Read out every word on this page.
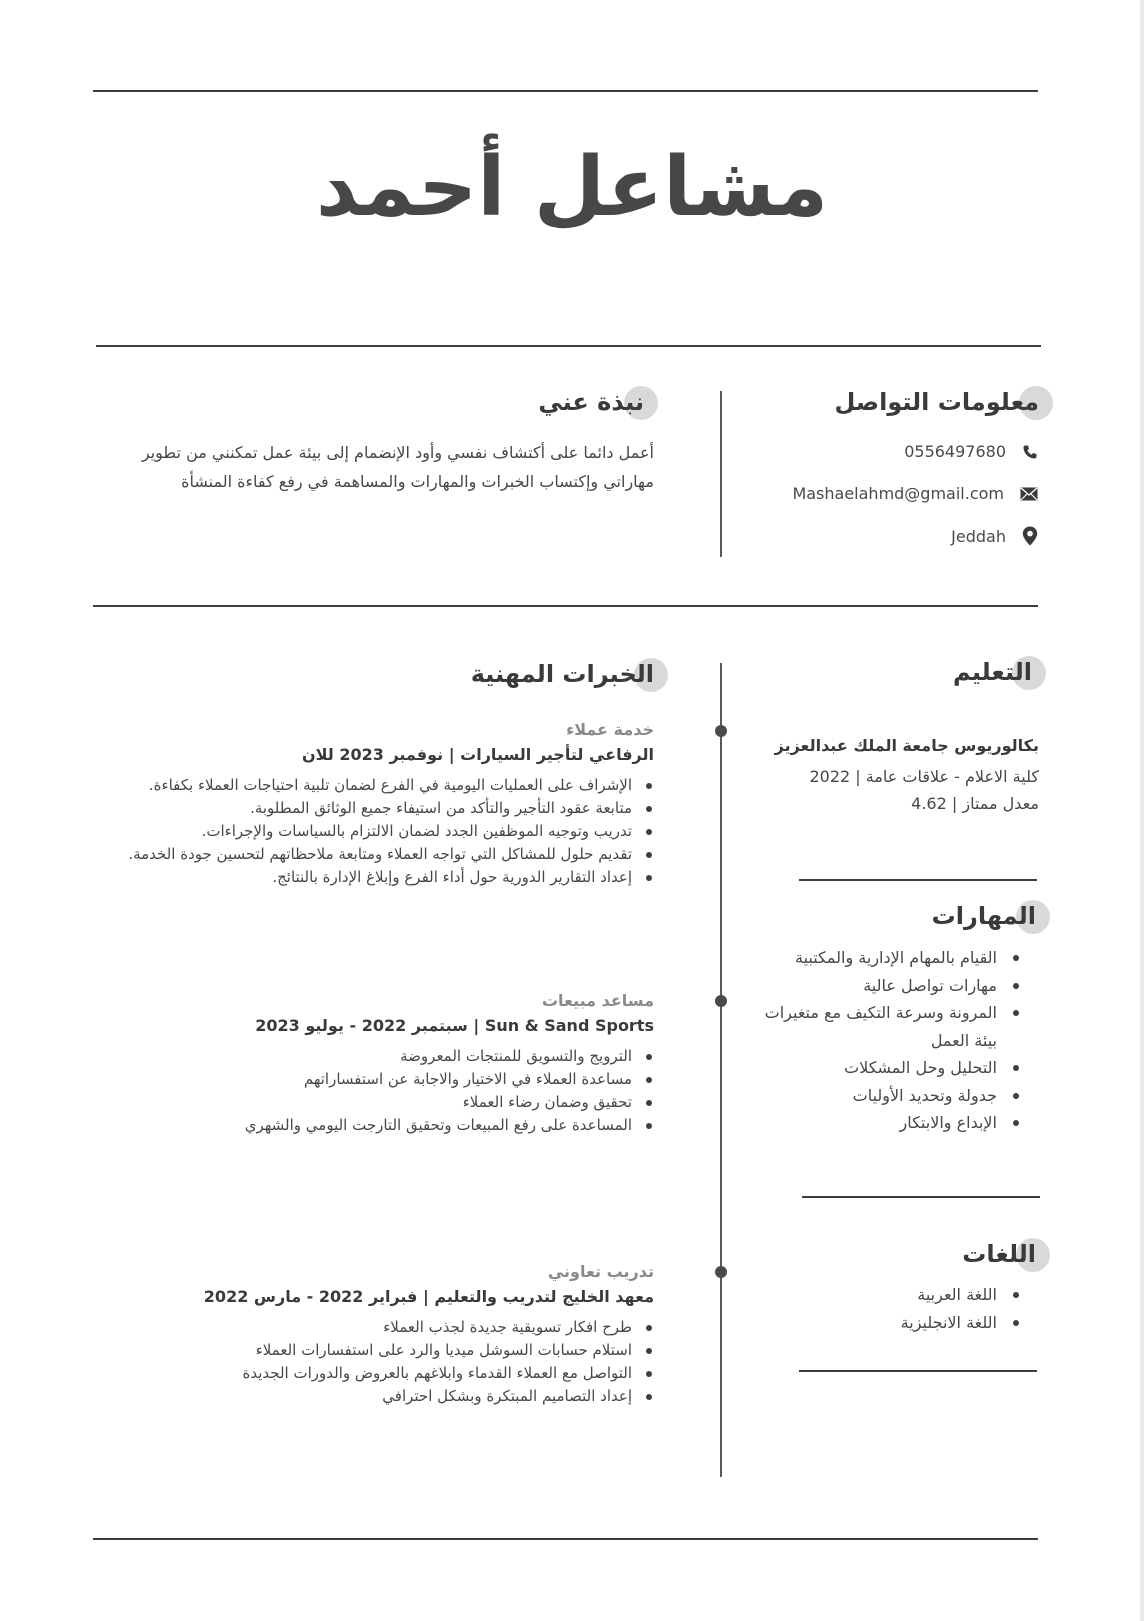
مشاعل أحمد
معلومات التواصل
0556497680
Mashaelahmd@gmail.com
Jeddah
نبذة عني
أعمل دائما على أكتشاف نفسي وأود الإنضمام إلى بيئة عمل تمكنني من تطوير
مهاراتي وإكتساب الخبرات والمهارات والمساهمة في رفع كفاءة المنشأة
التعليم
بكالوريوس جامعة الملك عبدالعزيز
كلية الاعلام - علاقات عامة | 2022
معدل ممتاز | 4.62
المهارات
القيام بالمهام الإدارية والمكتبية
مهارات تواصل عالية
المرونة وسرعة التكيف مع متغيرات بيئة العمل
التحليل وحل المشكلات
جدولة وتحديد الأوليات
الإبداع والابتكار
اللغات
اللغة العربية
اللغة الانجليزية
الخبرات المهنية
خدمة عملاء
الرفاعي لتأجير السيارات | نوفمبر 2023 للان
الإشراف على العمليات اليومية في الفرع لضمان تلبية احتياجات العملاء بكفاءة.
متابعة عقود التأجير والتأكد من استيفاء جميع الوثائق المطلوبة.
تدريب وتوجيه الموظفين الجدد لضمان الالتزام بالسياسات والإجراءات.
تقديم حلول للمشاكل التي تواجه العملاء ومتابعة ملاحظاتهم لتحسين جودة الخدمة.
إعداد التقارير الدورية حول أداء الفرع وإبلاغ الإدارة بالنتائج.
مساعد مبيعات
Sun & Sand Sports | سبتمبر 2022 - يوليو 2023
الترويج والتسويق للمنتجات المعروضة
مساعدة العملاء في الاختيار والاجابة عن استفساراتهم
تحقيق وضمان رضاء العملاء
المساعدة على رفع المبيعات وتحقيق التارجت اليومي والشهري
تدريب تعاوني
معهد الخليج لتدريب والتعليم | فبراير 2022 - مارس 2022
طرح افكار تسويقية جديدة لجذب العملاء
استلام حسابات السوشل ميديا والرد على استفسارات العملاء
التواصل مع العملاء القدماء وابلاغهم بالعروض والدورات الجديدة
إعداد التصاميم المبتكرة وبشكل احترافي
